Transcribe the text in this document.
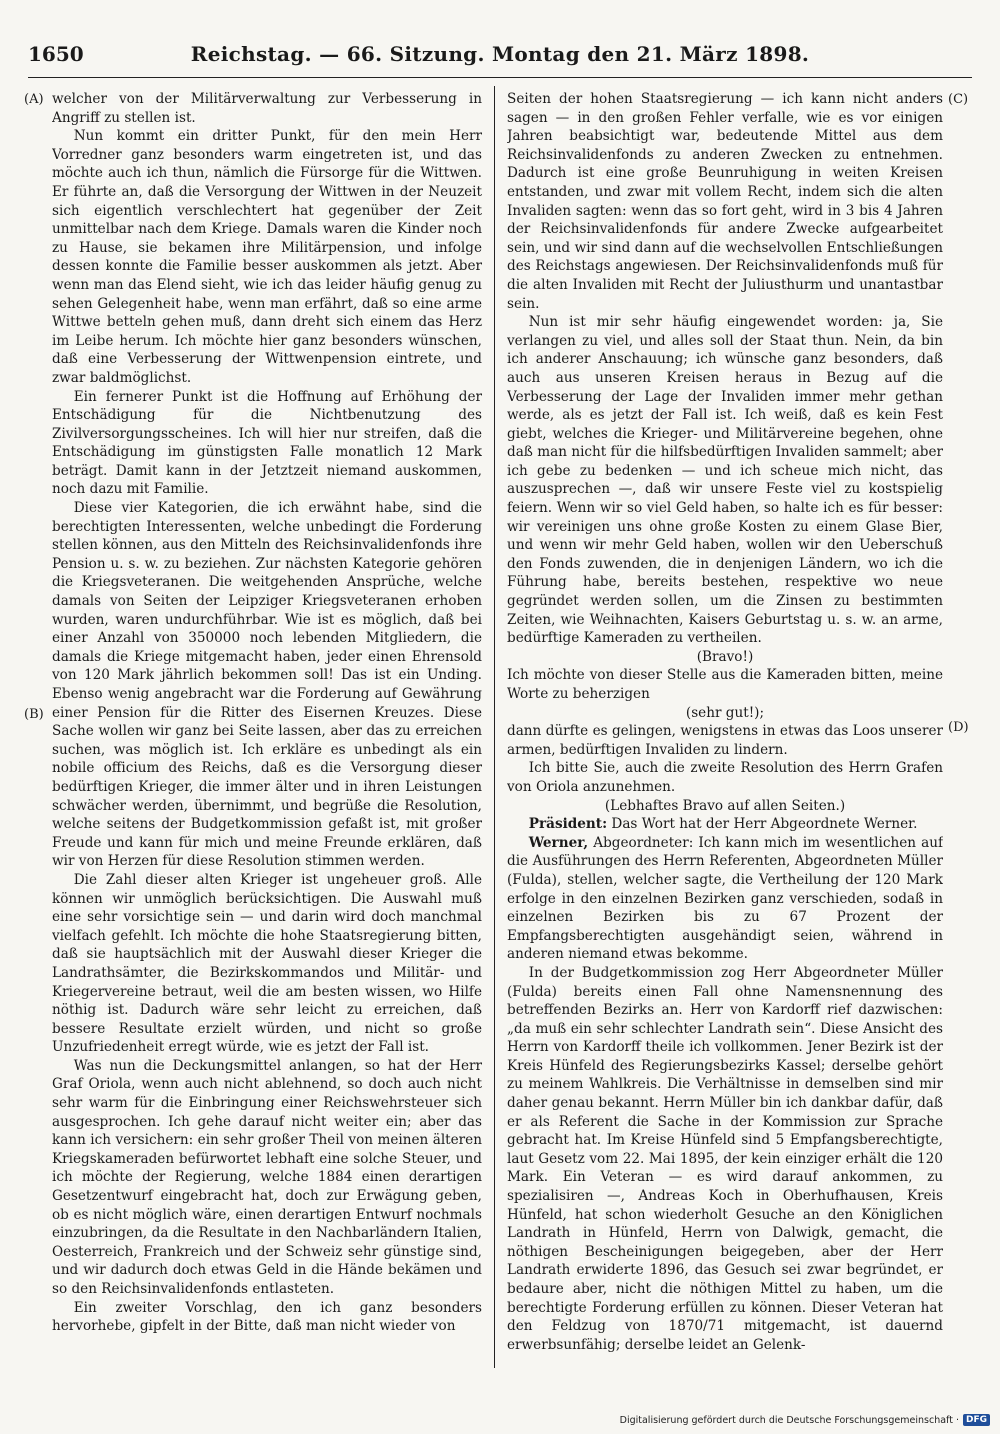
1650	Reichstag. — 66. Sitzung. Montag den 21. März 1898.
(A)
(B)
(C)
(D)

welcher von der Militärverwaltung zur Verbesserung in Angriff zu stellen ist.

Nun kommt ein dritter Punkt, für den mein Herr Vorredner ganz besonders warm eingetreten ist, und das möchte auch ich thun, nämlich die Fürsorge für die Wittwen. Er führte an, daß die Versorgung der Wittwen in der Neuzeit sich eigentlich verschlechtert hat gegenüber der Zeit unmittelbar nach dem Kriege. Damals waren die Kinder noch zu Hause, sie bekamen ihre Militärpension, und infolge dessen konnte die Familie besser auskommen als jetzt. Aber wenn man das Elend sieht, wie ich das leider häufig genug zu sehen Gelegenheit habe, wenn man erfährt, daß so eine arme Wittwe betteln gehen muß, dann dreht sich einem das Herz im Leibe herum. Ich möchte hier ganz besonders wünschen, daß eine Verbesserung der Wittwenpension eintrete, und zwar baldmöglichst.

Ein fernerer Punkt ist die Hoffnung auf Erhöhung der Entschädigung für die Nichtbenutzung des Zivilversorgungsscheines. Ich will hier nur streifen, daß die Entschädigung im günstigsten Falle monatlich 12 Mark beträgt. Damit kann in der Jetztzeit niemand auskommen, noch dazu mit Familie.

Diese vier Kategorien, die ich erwähnt habe, sind die berechtigten Interessenten, welche unbedingt die Forderung stellen können, aus den Mitteln des Reichsinvalidenfonds ihre Pension u. s. w. zu beziehen. Zur nächsten Kategorie gehören die Kriegsveteranen. Die weitgehenden Ansprüche, welche damals von Seiten der Leipziger Kriegsveteranen erhoben wurden, waren undurchführbar. Wie ist es möglich, daß bei einer Anzahl von 350000 noch lebenden Mitgliedern, die damals die Kriege mitgemacht haben, jeder einen Ehrensold von 120 Mark jährlich bekommen soll! Das ist ein Unding. Ebenso wenig angebracht war die Forderung auf Gewährung einer Pension für die Ritter des Eisernen Kreuzes. Diese Sache wollen wir ganz bei Seite lassen, aber das zu erreichen suchen, was möglich ist. Ich erkläre es unbedingt als ein nobile officium des Reichs, daß es die Versorgung dieser bedürftigen Krieger, die immer älter und in ihren Leistungen schwächer werden, übernimmt, und begrüße die Resolution, welche seitens der Budgetkommission gefaßt ist, mit großer Freude und kann für mich und meine Freunde erklären, daß wir von Herzen für diese Resolution stimmen werden.

Die Zahl dieser alten Krieger ist ungeheuer groß. Alle können wir unmöglich berücksichtigen. Die Auswahl muß eine sehr vorsichtige sein — und darin wird doch manchmal vielfach gefehlt. Ich möchte die hohe Staatsregierung bitten, daß sie hauptsächlich mit der Auswahl dieser Krieger die Landrathsämter, die Bezirkskommandos und Militär- und Kriegervereine betraut, weil die am besten wissen, wo Hilfe nöthig ist. Dadurch wäre sehr leicht zu erreichen, daß bessere Resultate erzielt würden, und nicht so große Unzufriedenheit erregt würde, wie es jetzt der Fall ist.

Was nun die Deckungsmittel anlangen, so hat der Herr Graf Oriola, wenn auch nicht ablehnend, so doch auch nicht sehr warm für die Einbringung einer Reichswehrsteuer sich ausgesprochen. Ich gehe darauf nicht weiter ein; aber das kann ich versichern: ein sehr großer Theil von meinen älteren Kriegskameraden befürwortet lebhaft eine solche Steuer, und ich möchte der Regierung, welche 1884 einen derartigen Gesetzentwurf eingebracht hat, doch zur Erwägung geben, ob es nicht möglich wäre, einen derartigen Entwurf nochmals einzubringen, da die Resultate in den Nachbarländern Italien, Oesterreich, Frankreich und der Schweiz sehr günstige sind, und wir dadurch doch etwas Geld in die Hände bekämen und so den Reichsinvalidenfonds entlasteten.

Ein zweiter Vorschlag, den ich ganz besonders hervorhebe, gipfelt in der Bitte, daß man nicht wieder von

Seiten der hohen Staatsregierung — ich kann nicht anders sagen — in den großen Fehler verfalle, wie es vor einigen Jahren beabsichtigt war, bedeutende Mittel aus dem Reichsinvalidenfonds zu anderen Zwecken zu entnehmen. Dadurch ist eine große Beunruhigung in weiten Kreisen entstanden, und zwar mit vollem Recht, indem sich die alten Invaliden sagten: wenn das so fort geht, wird in 3 bis 4 Jahren der Reichsinvalidenfonds für andere Zwecke aufgearbeitet sein, und wir sind dann auf die wechselvollen Entschließungen des Reichstags angewiesen. Der Reichsinvalidenfonds muß für die alten Invaliden mit Recht der Juliusthurm und unantastbar sein.

Nun ist mir sehr häufig eingewendet worden: ja, Sie verlangen zu viel, und alles soll der Staat thun. Nein, da bin ich anderer Anschauung; ich wünsche ganz besonders, daß auch aus unseren Kreisen heraus in Bezug auf die Verbesserung der Lage der Invaliden immer mehr gethan werde, als es jetzt der Fall ist. Ich weiß, daß es kein Fest giebt, welches die Krieger- und Militärvereine begehen, ohne daß man nicht für die hilfsbedürftigen Invaliden sammelt; aber ich gebe zu bedenken — und ich scheue mich nicht, das auszusprechen —, daß wir unsere Feste viel zu kostspielig feiern. Wenn wir so viel Geld haben, so halte ich es für besser: wir vereinigen uns ohne große Kosten zu einem Glase Bier, und wenn wir mehr Geld haben, wollen wir den Ueberschuß den Fonds zuwenden, die in denjenigen Ländern, wo ich die Führung habe, bereits bestehen, respektive wo neue gegründet werden sollen, um die Zinsen zu bestimmten Zeiten, wie Weihnachten, Kaisers Geburtstag u. s. w. an arme, bedürftige Kameraden zu vertheilen.

(Bravo!)

Ich möchte von dieser Stelle aus die Kameraden bitten, meine Worte zu beherzigen

(sehr gut!);

dann dürfte es gelingen, wenigstens in etwas das Loos unserer armen, bedürftigen Invaliden zu lindern.

Ich bitte Sie, auch die zweite Resolution des Herrn Grafen von Oriola anzunehmen.

(Lebhaftes Bravo auf allen Seiten.)

Präsident: Das Wort hat der Herr Abgeordnete Werner.

Werner, Abgeordneter: Ich kann mich im wesentlichen auf die Ausführungen des Herrn Referenten, Abgeordneten Müller (Fulda), stellen, welcher sagte, die Vertheilung der 120 Mark erfolge in den einzelnen Bezirken ganz verschieden, sodaß in einzelnen Bezirken bis zu 67 Prozent der Empfangsberechtigten ausgehändigt seien, während in anderen niemand etwas bekomme.

In der Budgetkommission zog Herr Abgeordneter Müller (Fulda) bereits einen Fall ohne Namensnennung des betreffenden Bezirks an. Herr von Kardorff rief dazwischen: „da muß ein sehr schlechter Landrath sein“. Diese Ansicht des Herrn von Kardorff theile ich vollkommen. Jener Bezirk ist der Kreis Hünfeld des Regierungsbezirks Kassel; derselbe gehört zu meinem Wahlkreis. Die Verhältnisse in demselben sind mir daher genau bekannt. Herrn Müller bin ich dankbar dafür, daß er als Referent die Sache in der Kommission zur Sprache gebracht hat. Im Kreise Hünfeld sind 5 Empfangsberechtigte, laut Gesetz vom 22. Mai 1895, der kein einziger erhält die 120 Mark. Ein Veteran — es wird darauf ankommen, zu spezialisiren —, Andreas Koch in Oberhufhausen, Kreis Hünfeld, hat schon wiederholt Gesuche an den Königlichen Landrath in Hünfeld, Herrn von Dalwigk, gemacht, die nöthigen Bescheinigungen beigegeben, aber der Herr Landrath erwiderte 1896, das Gesuch sei zwar begründet, er bedaure aber, nicht die nöthigen Mittel zu haben, um die berechtigte Forderung erfüllen zu können. Dieser Veteran hat den Feldzug von 1870/71 mitgemacht, ist dauernd erwerbsunfähig; derselbe leidet an Gelenk-

Digitalisierung gefördert durch die Deutsche Forschungsgemeinschaft · DFG
